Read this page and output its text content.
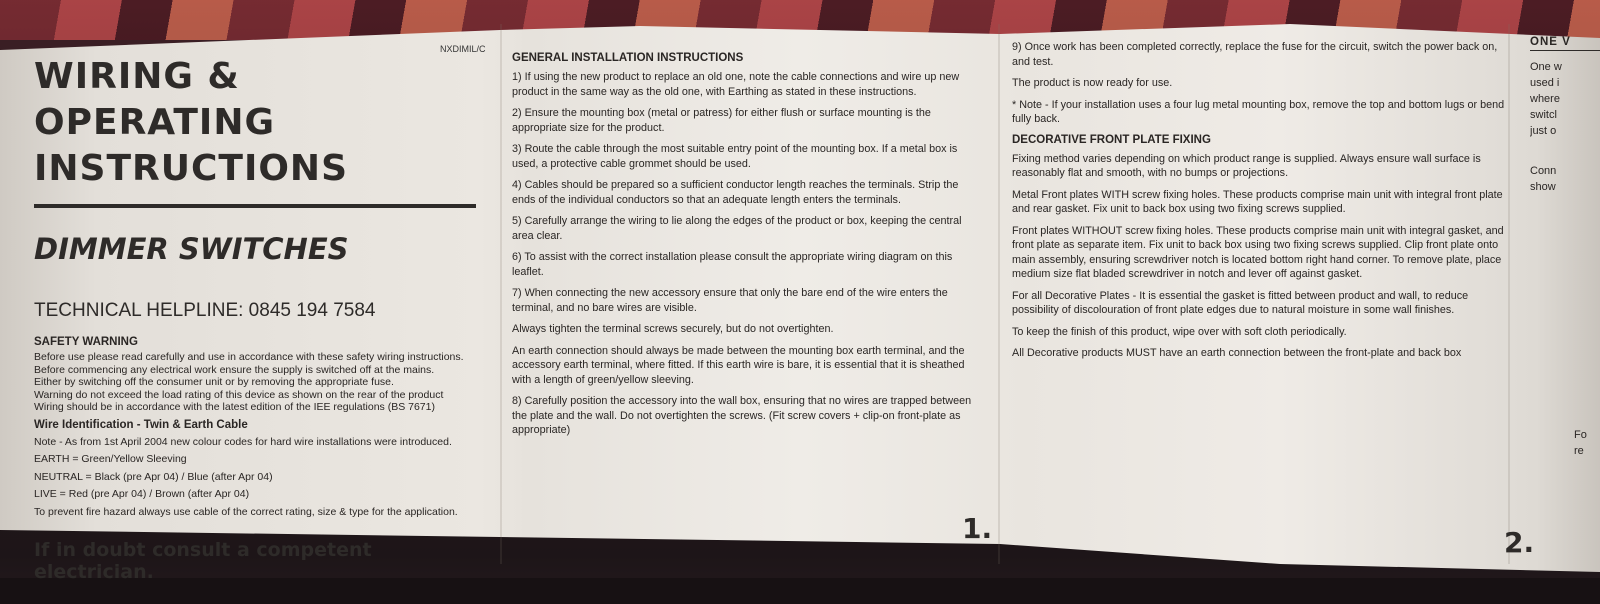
NXDIMIL/C
WIRING & OPERATING
INSTRUCTIONS
DIMMER SWITCHES
TECHNICAL HELPLINE: 0845 194 7584
SAFETY WARNING

Before use please read carefully and use in accordance with these safety wiring instructions.

Before commencing any electrical work ensure the supply is switched off at the mains.

Either by switching off the consumer unit or by removing the appropriate fuse.

Warning do not exceed the load rating of this device as shown on the rear of the product

Wiring should be in accordance with the latest edition of the IEE regulations (BS 7671)

Wire Identification - Twin & Earth Cable

Note - As from 1st April 2004 new colour codes for hard wire installations were introduced.

EARTH = Green/Yellow Sleeving

NEUTRAL = Black (pre Apr 04) / Blue (after Apr 04)

LIVE = Red (pre Apr 04) / Brown (after Apr 04)

To prevent fire hazard always use cable of the correct rating, size & type for the application.

If in doubt consult a competent electrician.
GENERAL INSTALLATION INSTRUCTIONS

1) If using the new product to replace an old one, note the cable connections and wire up new product in the same way as the old one, with Earthing as stated in these instructions.

2) Ensure the mounting box (metal or patress) for either flush or surface mounting is the appropriate size for the product.

3) Route the cable through the most suitable entry point of the mounting box. If a metal box is used, a protective cable grommet should be used.

4) Cables should be prepared so a sufficient conductor length reaches the terminals. Strip the ends of the individual conductors so that an adequate length enters the terminals.

5) Carefully arrange the wiring to lie along the edges of the product or box, keeping the central area clear.

6) To assist with the correct installation please consult the appropriate wiring diagram on this leaflet.

7) When connecting the new accessory ensure that only the bare end of the wire enters the terminal, and no bare wires are visible.

Always tighten the terminal screws securely, but do not overtighten.

An earth connection should always be made between the mounting box earth terminal, and the accessory earth terminal, where fitted. If this earth wire is bare, it is essential that it is sheathed with a length of green/yellow sleeving.

8) Carefully position the accessory into the wall box, ensuring that no wires are trapped between the plate and the wall. Do not overtighten the screws. (Fit screw covers + clip-on front-plate as appropriate)

1.

9) Once work has been completed correctly, replace the fuse for the circuit, switch the power back on, and test.

The product is now ready for use.

* Note - If your installation uses a four lug metal mounting box, remove the top and bottom lugs or bend fully back.

DECORATIVE FRONT PLATE FIXING

Fixing method varies depending on which product range is supplied. Always ensure wall surface is reasonably flat and smooth, with no bumps or projections.

Metal Front plates WITH screw fixing holes. These products comprise main unit with integral front plate and rear gasket. Fix unit to back box using two fixing screws supplied.

Front plates WITHOUT screw fixing holes. These products comprise main unit with integral gasket, and front plate as separate item. Fix unit to back box using two fixing screws supplied. Clip front plate onto main assembly, ensuring screwdriver notch is located bottom right hand corner. To remove plate, place medium size flat bladed screwdriver in notch and lever off against gasket.

For all Decorative Plates - It is essential the gasket is fitted between product and wall, to reduce possibility of discolouration of front plate edges due to natural moisture in some wall finishes.

To keep the finish of this product, wipe over with soft cloth periodically.

All Decorative products MUST have an earth connection between the front-plate and back box

2.
ONE V

One w

used i

where

switcl

just o

Conn

show

Fo

re
